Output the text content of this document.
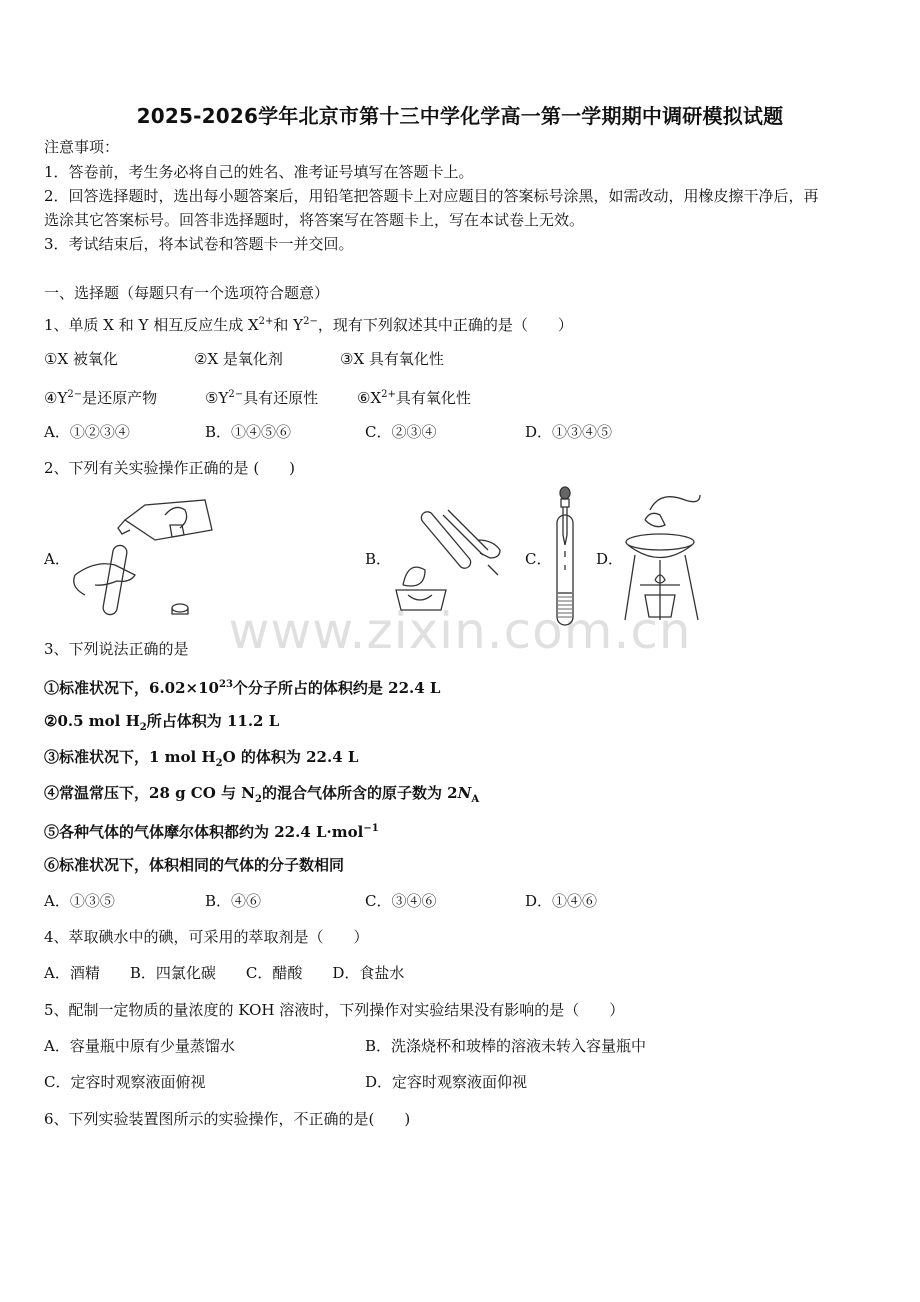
2025-2026学年北京市第十三中学化学高一第一学期期中调研模拟试题
注意事项：
1．答卷前，考生务必将自己的姓名、准考证号填写在答题卡上。
2．回答选择题时，选出每小题答案后，用铅笔把答题卡上对应题目的答案标号涂黑，如需改动，用橡皮擦干净后，再
选涂其它答案标号。回答非选择题时，将答案写在答题卡上，写在本试卷上无效。
3．考试结束后，将本试卷和答题卡一并交回。
一、选择题（每题只有一个选项符合题意）
1、单质 X 和 Y 相互反应生成 $X^{2+}$和 $Y^{2-}$，现有下列叙述其中正确的是（　　）
①X 被氧化	②X 是氧化剂	③X 具有氧化性
$④Y^{2-}$是还原产物	$⑤Y^{2-}$具有还原性	$⑥X^{2+}$具有氧化性
A．①②③④	B．①④⑤⑥	C．②③④	D．①③④⑤
2、下列有关实验操作正确的是 (　　)
A．	B．	C．	D．
www.zixin.com.cn
3、下列说法正确的是
①标准状况下，$6.02\times 10^{23}$个分子所占的体积约是 22.4 L
②0.5 mol $H_2$所占体积为 11.2 L
③标准状况下，1 mol $H_2O$ 的体积为 22.4 L
④常温常压下，28 g CO 与 $N_2$的混合气体所含的原子数为 $2N_A$
⑤各种气体的气体摩尔体积都约为 22.4 L·mol$^{-1}$
⑥标准状况下，体积相同的气体的分子数相同
A．①③⑤	B．④⑥	C．③④⑥	D．①④⑥
4、萃取碘水中的碘，可采用的萃取剂是（　　）
A．酒精　　B．四氯化碳　　C．醋酸　　D．食盐水
5、配制一定物质的量浓度的 KOH 溶液时，下列操作对实验结果没有影响的是（　　）
A．容量瓶中原有少量蒸馏水	B．洗涤烧杯和玻棒的溶液未转入容量瓶中
C．定容时观察液面俯视	D．定容时观察液面仰视
6、下列实验装置图所示的实验操作，不正确的是(　　)
